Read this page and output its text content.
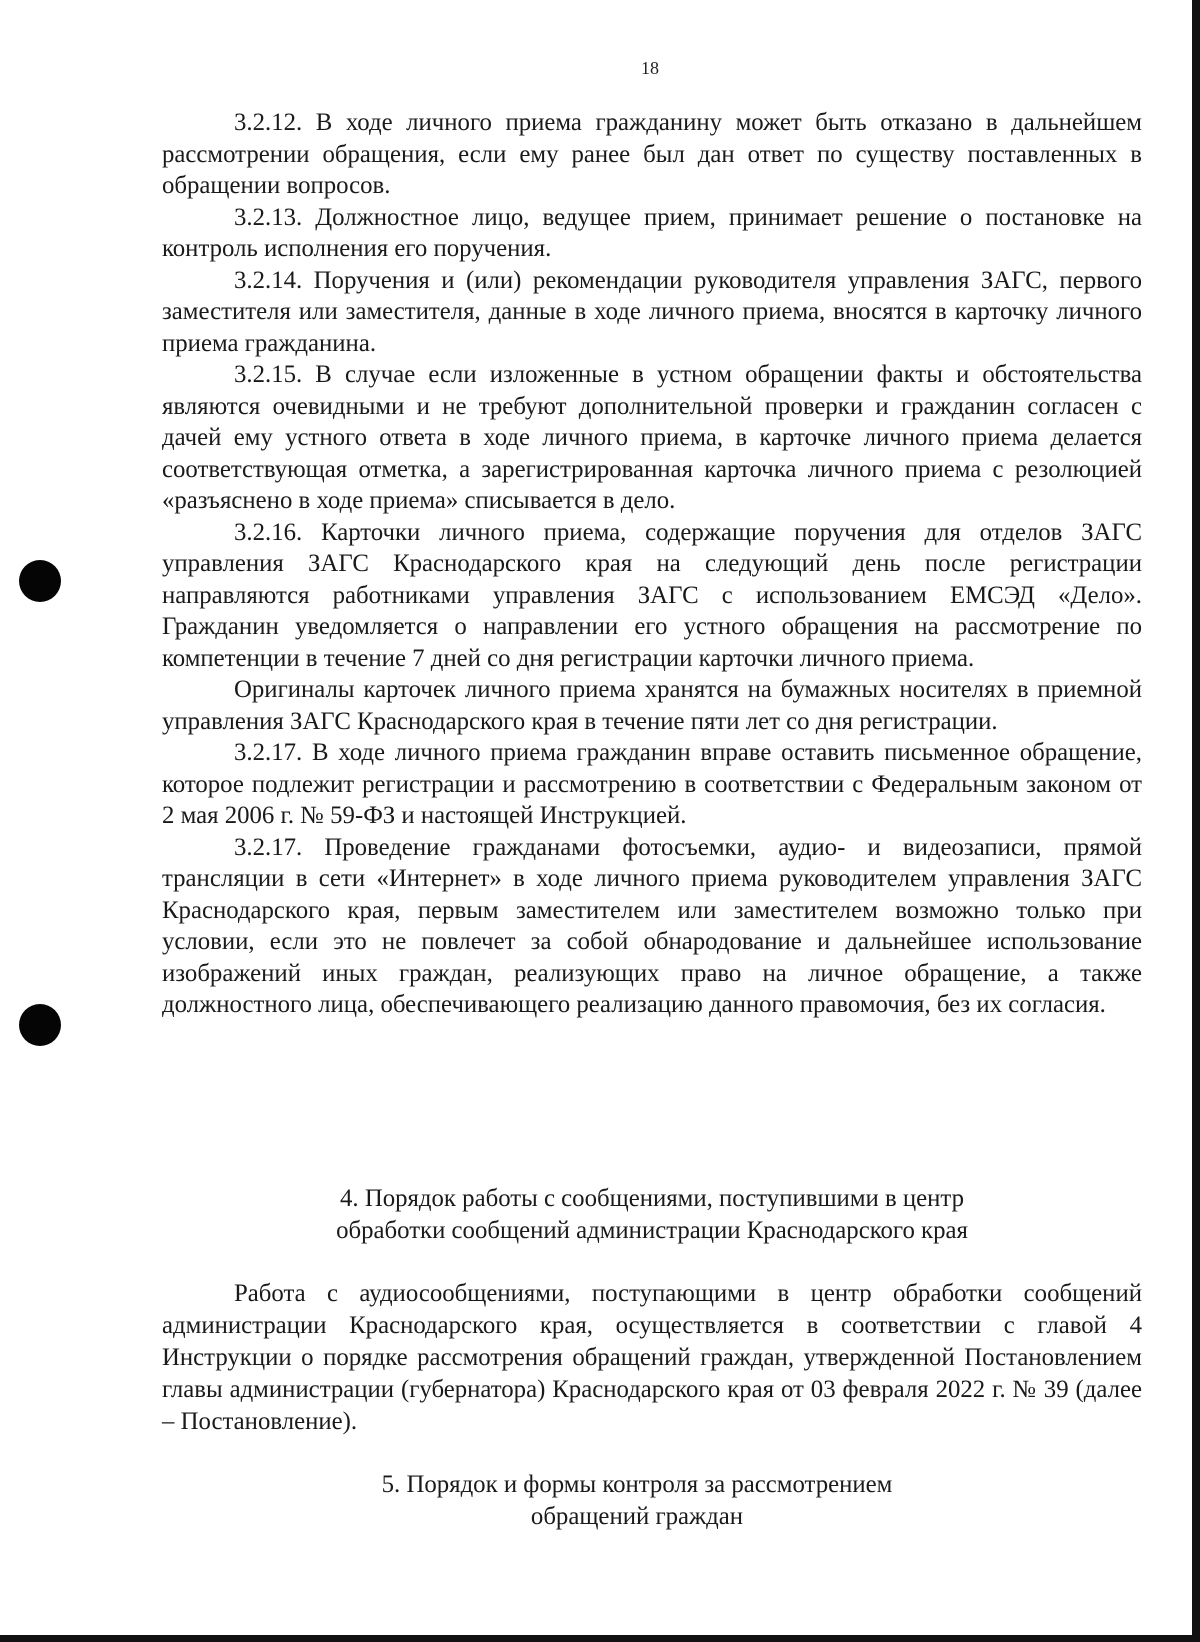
18

3.2.12. В ходе личного приема гражданину может быть отказано в дальнейшем рассмотрении обращения, если ему ранее был дан ответ по существу поставленных в обращении вопросов.

3.2.13. Должностное лицо, ведущее прием, принимает решение о постановке на контроль исполнения его поручения.

3.2.14. Поручения и (или) рекомендации руководителя управления ЗАГС, первого заместителя или заместителя, данные в ходе личного приема, вносятся в карточку личного приема гражданина.

3.2.15. В случае если изложенные в устном обращении факты и обстоятельства являются очевидными и не требуют дополнительной проверки и гражданин согласен с дачей ему устного ответа в ходе личного приема, в карточке личного приема делается соответствующая отметка, а зарегистрированная карточка личного приема с резолюцией «разъяснено в ходе приема» списывается в дело.

3.2.16. Карточки личного приема, содержащие поручения для отделов ЗАГС управления ЗАГС Краснодарского края на следующий день после регистрации направляются работниками управления ЗАГС с использованием ЕМСЭД «Дело». Гражданин уведомляется о направлении его устного обращения на рассмотрение по компетенции в течение 7 дней со дня регистрации карточки личного приема.

Оригиналы карточек личного приема хранятся на бумажных носителях в приемной управления ЗАГС Краснодарского края в течение пяти лет со дня регистрации.

3.2.17. В ходе личного приема гражданин вправе оставить письменное обращение, которое подлежит регистрации и рассмотрению в соответствии с Федеральным законом от 2 мая 2006 г. № 59-ФЗ и настоящей Инструкцией.

3.2.17. Проведение гражданами фотосъемки, аудио- и видеозаписи, прямой трансляции в сети «Интернет» в ходе личного приема руководителем управления ЗАГС Краснодарского края, первым заместителем или заместителем возможно только при условии, если это не повлечет за собой обнародование и дальнейшее использование изображений иных граждан, реализующих право на личное обращение, а также должностного лица, обеспечивающего реализацию данного правомочия, без их согласия.

4. Порядок работы с сообщениями, поступившими в центр
обработки сообщений администрации Краснодарского края

Работа с аудиосообщениями, поступающими в центр обработки сообщений администрации Краснодарского края, осуществляется в соответствии с главой 4 Инструкции о порядке рассмотрения обращений граждан, утвержденной Постановлением главы администрации (губернатора) Краснодарского края от 03 февраля 2022 г. № 39 (далее – Постановление).

5. Порядок и формы контроля за рассмотрением
обращений граждан
